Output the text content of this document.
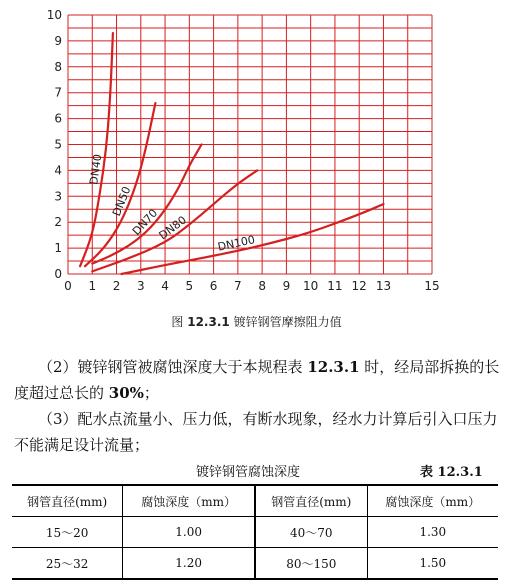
0
1
2
3
4
5
6
7
8
9
10
0 1 2 3 4 5 6 7 8 9 10 11 12 13	15
DN40
DN50
DN70
DN80
DN100
图 12.3.1 镀锌钢管摩擦阻力值
（2）镀锌钢管被腐蚀深度大于本规程表 12.3.1 时，经局部拆换的长度超过总长的 30%；
（3）配水点流量小、压力低，有断水现象，经水力计算后引入口压力不能满足设计流量；
镀锌钢管腐蚀深度	表 12.3.1
钢管直径(mm)	腐蚀深度（mm）	钢管直径(mm)	腐蚀深度（mm）
15～20	1.00	40～70	1.30
25～32	1.20	80～150	1.50
